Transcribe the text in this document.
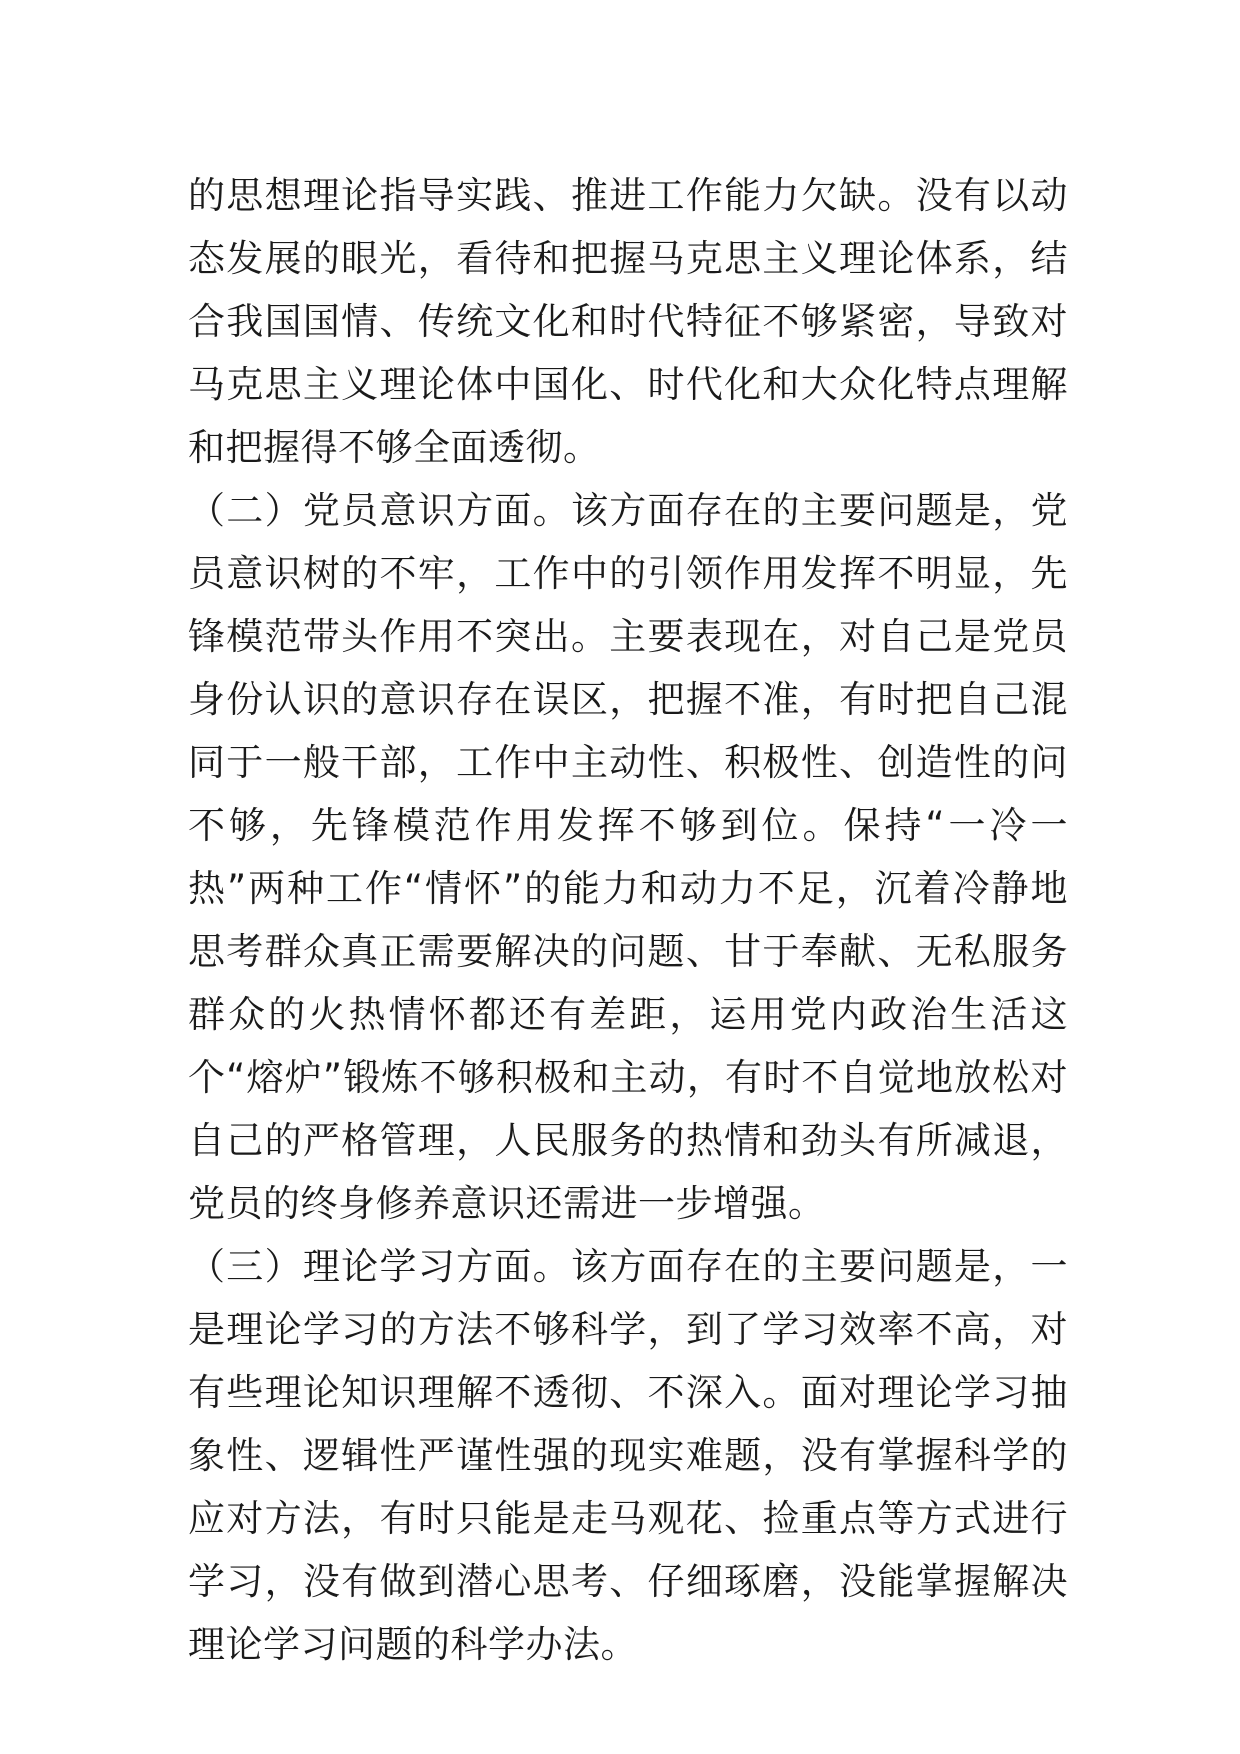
的思想理论指导实践、推进工作能力欠缺。没有以动态发展的眼光，看待和把握马克思主义理论体系，结合我国国情、传统文化和时代特征不够紧密，导致对马克思主义理论体中国化、时代化和大众化特点理解和把握得不够全面透彻。

（二）党员意识方面。该方面存在的主要问题是，党员意识树的不牢，工作中的引领作用发挥不明显，先锋模范带头作用不突出。主要表现在，对自己是党员身份认识的意识存在误区，把握不准，有时把自己混同于一般干部，工作中主动性、积极性、创造性的问不够，先锋模范作用发挥不够到位。保持“一冷一热”两种工作“情怀”的能力和动力不足，沉着冷静地思考群众真正需要解决的问题、甘于奉献、无私服务群众的火热情怀都还有差距，运用党内政治生活这个“熔炉”锻炼不够积极和主动，有时不自觉地放松对自己的严格管理，人民服务的热情和劲头有所减退，党员的终身修养意识还需进一步增强。

（三）理论学习方面。该方面存在的主要问题是，一是理论学习的方法不够科学，到了学习效率不高，对有些理论知识理解不透彻、不深入。面对理论学习抽象性、逻辑性严谨性强的现实难题，没有掌握科学的应对方法，有时只能是走马观花、捡重点等方式进行学习，没有做到潜心思考、仔细琢磨，没能掌握解决理论学习问题的科学办法。
